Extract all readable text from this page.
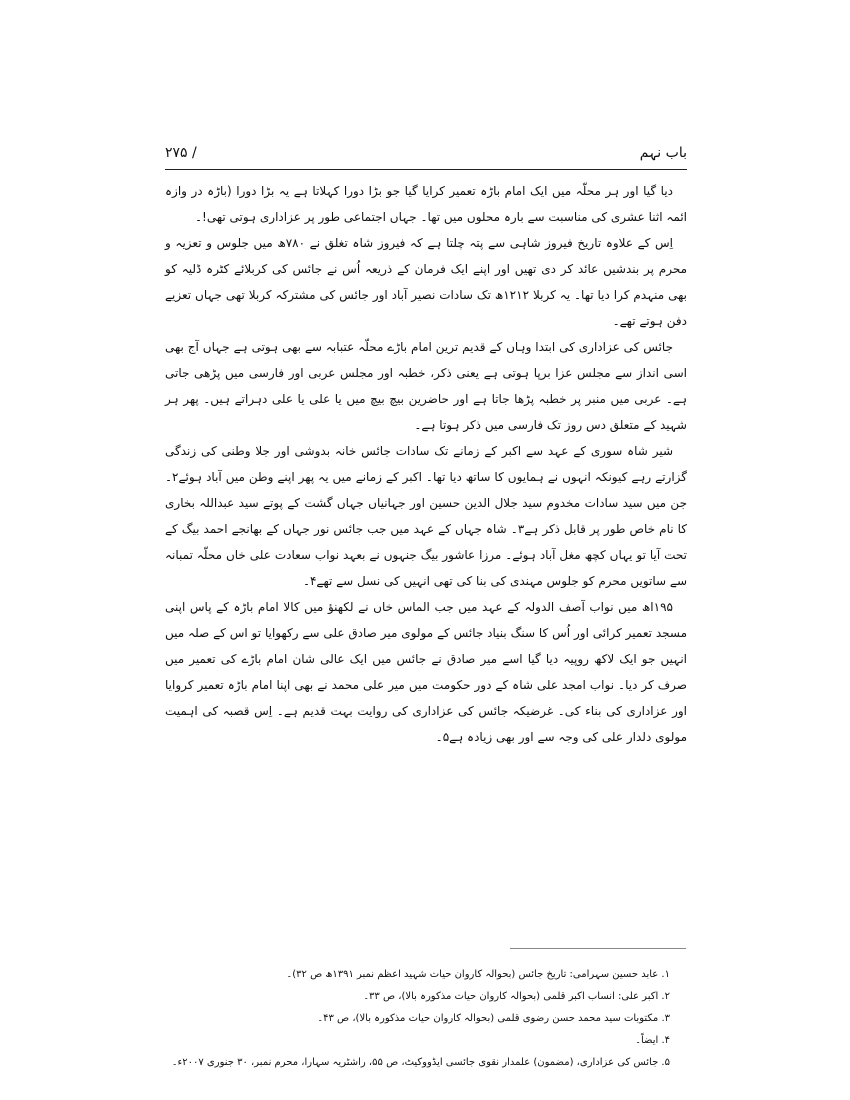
باب نہم
/ ۲۷۵

دیا گیا اور ہر محلّہ میں ایک امام باڑہ تعمیر کرایا گیا جو بڑا دورا کہلاتا ہے یہ بڑا دورا (باڑہ در وازہ ائمہ اثنا عشری کی مناسبت سے بارہ محلوں میں تھا۔ جہاں اجتماعی طور پر عزاداری ہوتی تھی!۔

اِس کے علاوہ تاریخ فیروز شاہی سے پتہ چلتا ہے کہ فیروز شاہ تغلق نے ۷۸۰ھ میں جلوس و تعزیہ و محرم پر بندشیں عائد کر دی تھیں اور اپنے ایک فرمان کے ذریعہ اُس نے جائس کی کربلائے کٹرہ ڈلیہ کو بھی منہدم کرا دیا تھا۔ یہ کربلا ۱۲۱۲ھ تک سادات نصیر آباد اور جائس کی مشترکہ کربلا تھی جہاں تعزیے دفن ہوتے تھے۔

جائس کی عزاداری کی ابتدا وہاں کے قدیم ترین امام باڑے محلّہ عتبابہ سے بھی ہوتی ہے جہاں آج بھی اسی انداز سے مجلس عزا برپا ہوتی ہے یعنی ذکر، خطبہ اور مجلس عربی اور فارسی میں پڑھی جاتی ہے۔ عربی میں منبر پر خطبہ پڑھا جاتا ہے اور حاضرین بیچ بیچ میں یا علی یا علی دہراتے ہیں۔ پھر ہر شہید کے متعلق دس روز تک فارسی میں ذکر ہوتا ہے۔

شیر شاہ سوری کے عہد سے اکبر کے زمانے تک سادات جائس خانہ بدوشی اور جلا وطنی کی زندگی گزارتے رہے کیونکہ انہوں نے ہمایوں کا ساتھ دیا تھا۔ اکبر کے زمانے میں یہ پھر اپنے وطن میں آباد ہوئے۲۔ جن میں سید سادات مخدوم سید جلال الدین حسین اور جہانیاں جہاں گشت کے پوتے سید عبداللہ بخاری کا نام خاص طور پر قابل ذکر ہے۳۔ شاہ جہاں کے عہد میں جب جائس نور جہاں کے بھانجے احمد بیگ کے تحت آیا تو یہاں کچھ مغل آباد ہوئے۔ مرزا عاشور بیگ جنہوں نے بعہد نواب سعادت علی خاں محلّہ تمبانہ سے ساتویں محرم کو جلوس مہندی کی بنا کی تھی انہیں کی نسل سے تھے۴۔

۱۹۵اھ میں نواب آصف الدولہ کے عہد میں جب الماس خاں نے لکھنؤ میں کالا امام باڑہ کے پاس اپنی مسجد تعمیر کرائی اور اُس کا سنگ بنیاد جائس کے مولوی میر صادق علی سے رکھوایا تو اس کے صلہ میں انہیں جو ایک لاکھ روپیہ دیا گیا اسے میر صادق نے جائس میں ایک عالی شان امام باڑے کی تعمیر میں صرف کر دیا۔ نواب امجد علی شاہ کے دور حکومت میں میر علی محمد نے بھی اپنا امام باڑہ تعمیر کروایا اور عزاداری کی بناء کی۔ غرضیکہ جائس کی عزاداری کی روایت بہت قدیم ہے۔ اِس قصبہ کی اہمیت مولوی دلدار علی کی وجہ سے اور بھی زیادہ ہے۵۔

۱. عابد حسین سہرامی: تاریخ جائس (بحوالہ کاروان حیات شہید اعظم نمبر ۱۳۹۱ھ ص ۳۲)۔

۲. اکبر علی: انساب اکبر قلمی (بحوالہ کاروان حیات مذکورہ بالا)، ص ۳۳۔

۳. مکتوبات سید محمد حسن رضوی قلمی (بحوالہ کاروان حیات مذکورہ بالا)، ص ۴۳۔

۴. ایضاً۔

۵. جائس کی عزاداری، (مضمون) علمدار نقوی جائسی ایڈووکیٹ، ص ۵۵، راشٹریہ سہارا، محرم نمبر، ۳۰ جنوری ۲۰۰۷ء۔
